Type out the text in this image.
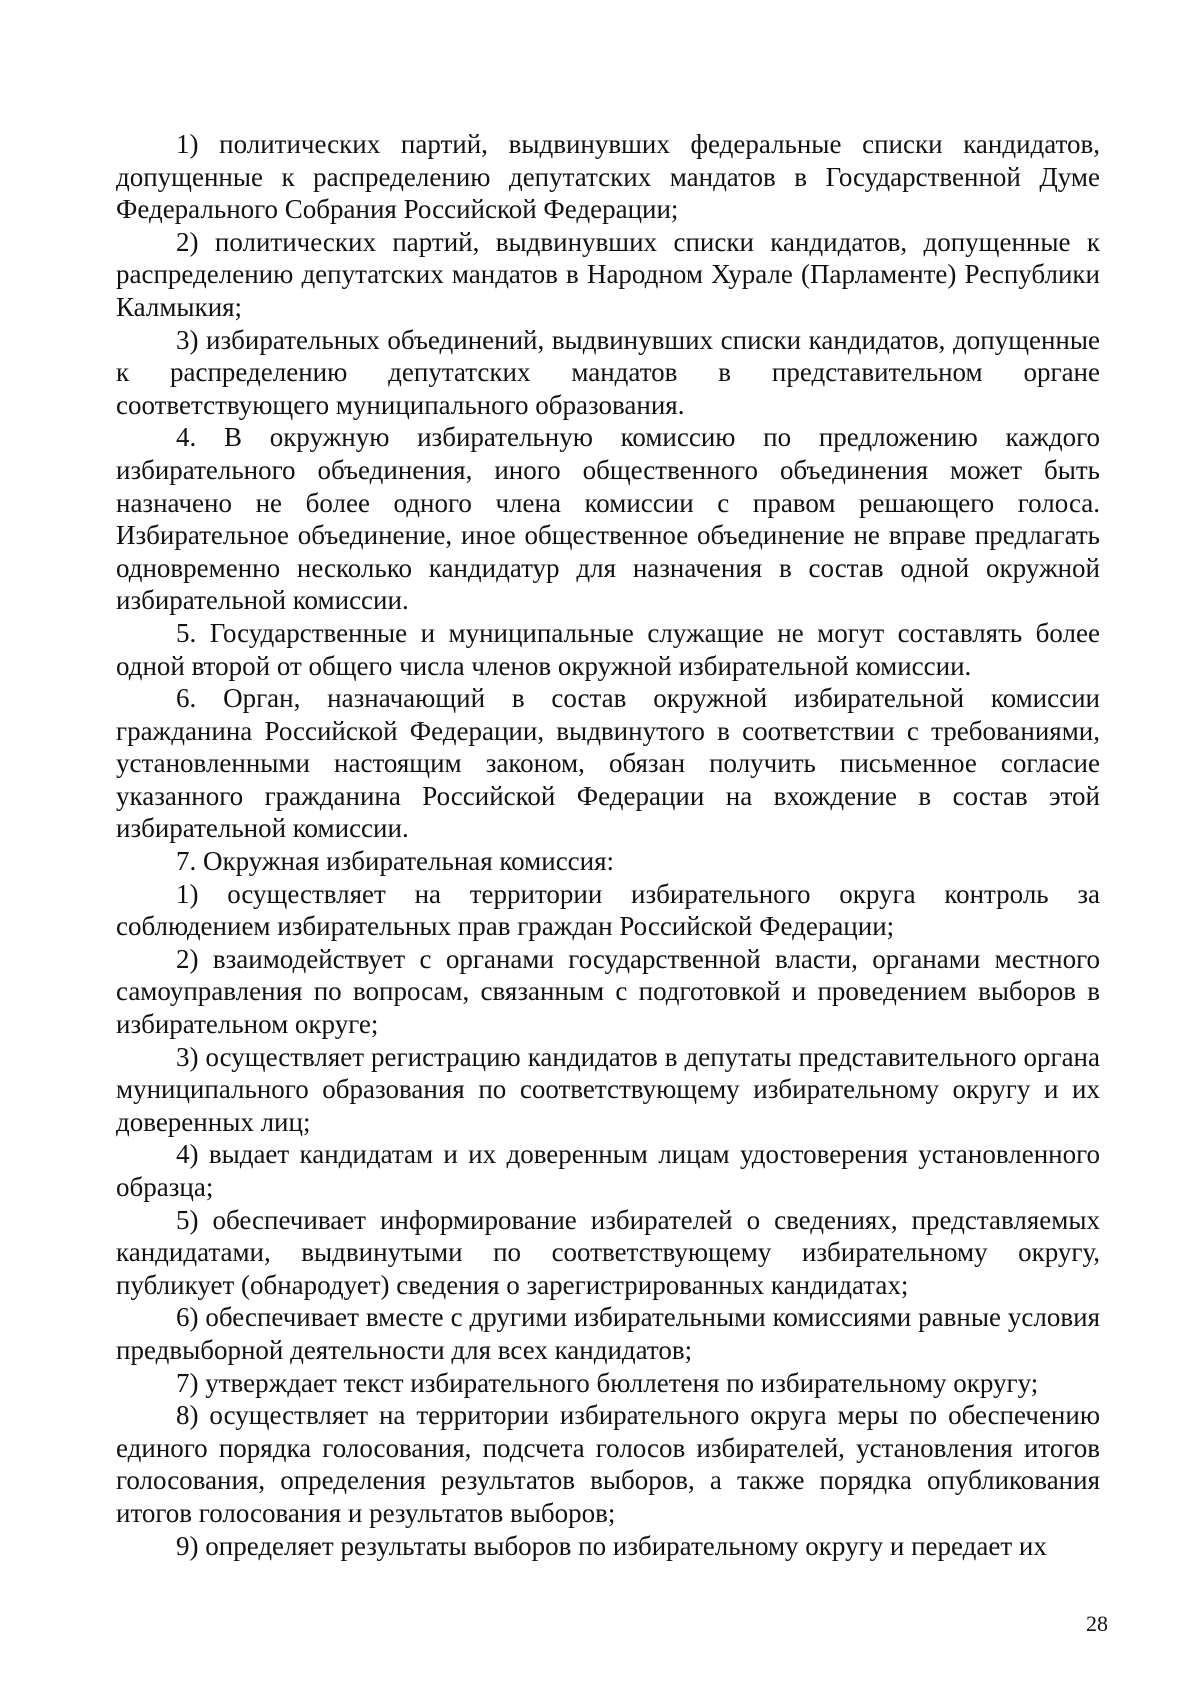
1) политических партий, выдвинувших федеральные списки кандидатов, допущенные к распределению депутатских мандатов в Государственной Думе Федерального Собрания Российской Федерации;

2) политических партий, выдвинувших списки кандидатов, допущенные к распределению депутатских мандатов в Народном Хурале (Парламенте) Республики Калмыкия;

3) избирательных объединений, выдвинувших списки кандидатов, допущенные к распределению депутатских мандатов в представительном органе соответствующего муниципального образования.

4. В окружную избирательную комиссию по предложению каждого избирательного объединения, иного общественного объединения может быть назначено не более одного члена комиссии с правом решающего голоса. Избирательное объединение, иное общественное объединение не вправе предлагать одновременно несколько кандидатур для назначения в состав одной окружной избирательной комиссии.

5. Государственные и муниципальные служащие не могут составлять более одной второй от общего числа членов окружной избирательной комиссии.

6. Орган, назначающий в состав окружной избирательной комиссии гражданина Российской Федерации, выдвинутого в соответствии с требованиями, установленными настоящим законом, обязан получить письменное согласие указанного гражданина Российской Федерации на вхождение в состав этой избирательной комиссии.

7. Окружная избирательная комиссия:

1) осуществляет на территории избирательного округа контроль за соблюдением избирательных прав граждан Российской Федерации;

2) взаимодействует с органами государственной власти, органами местного самоуправления по вопросам, связанным с подготовкой и проведением выборов в избирательном округе;

3) осуществляет регистрацию кандидатов в депутаты представительного органа муниципального образования по соответствующему избирательному округу и их доверенных лиц;

4) выдает кандидатам и их доверенным лицам удостоверения установленного образца;

5) обеспечивает информирование избирателей о сведениях, представляемых кандидатами, выдвинутыми по соответствующему избирательному округу, публикует (обнародует) сведения о зарегистрированных кандидатах;

6) обеспечивает вместе с другими избирательными комиссиями равные условия предвыборной деятельности для всех кандидатов;

7) утверждает текст избирательного бюллетеня по избирательному округу;

8) осуществляет на территории избирательного округа меры по обеспечению единого порядка голосования, подсчета голосов избирателей, установления итогов голосования, определения результатов выборов, а также порядка опубликования итогов голосования и результатов выборов;

9) определяет результаты выборов по избирательному округу и передает их

28
